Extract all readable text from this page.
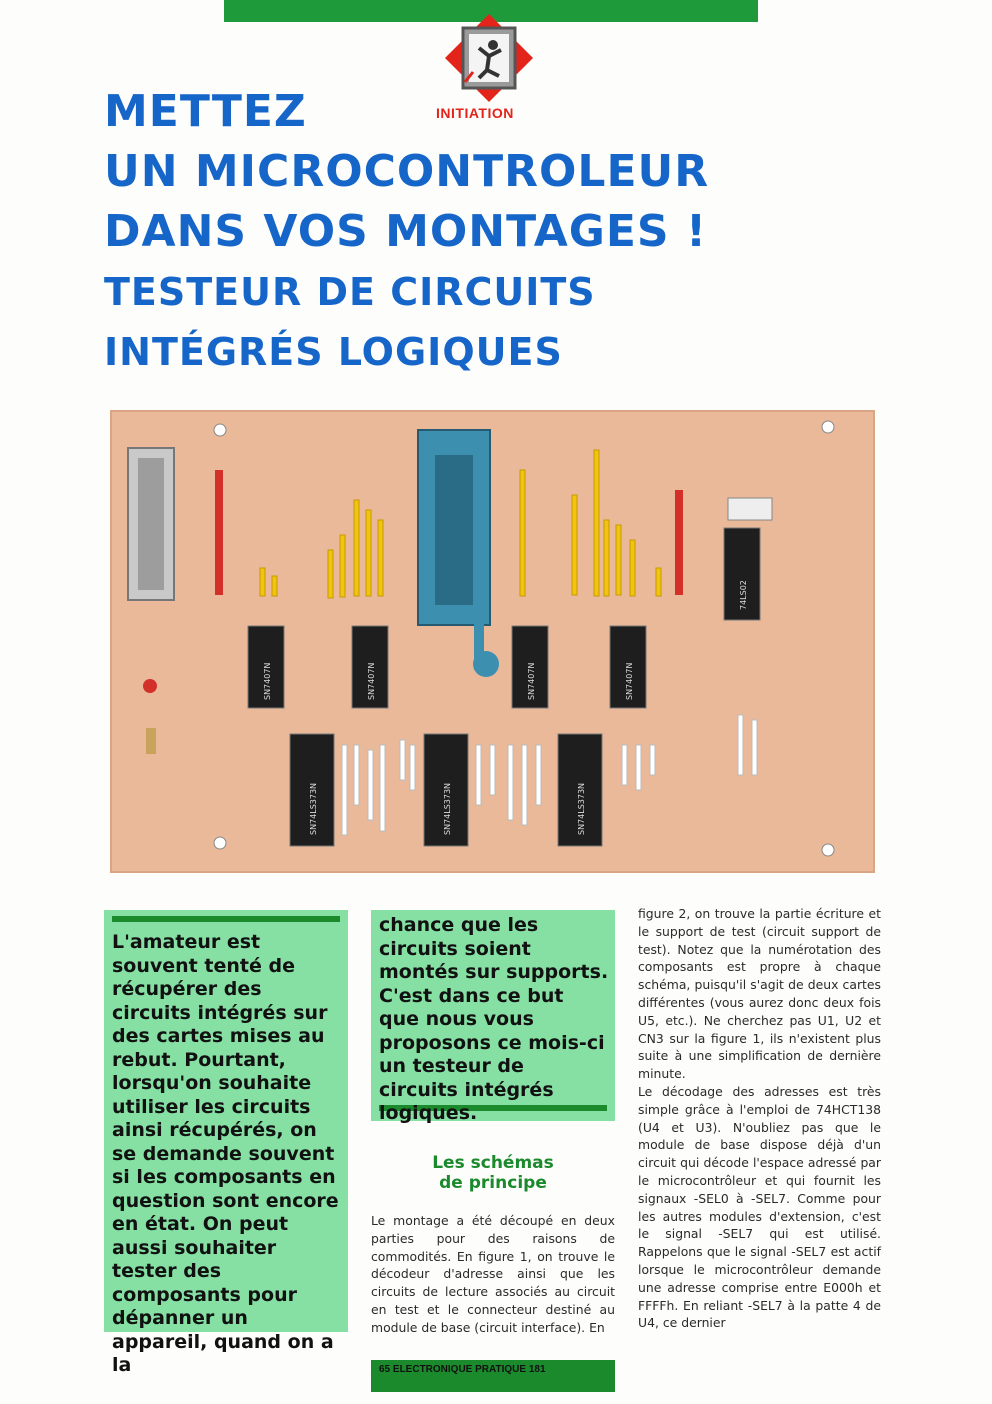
INITIATION
METTEZ
UN MICROCONTROLEUR
DANS VOS MONTAGES !
TESTEUR DE CIRCUITS
INTÉGRÉS LOGIQUES
SN7407N	SN7407N	SN7407N	SN7407N
SN74LS373N	SN74LS373N	SN74LS373N
74LS02
L'amateur est souvent tenté de récupérer des circuits intégrés sur des cartes mises au rebut. Pourtant, lorsqu'on souhaite utiliser les circuits ainsi récupérés, on se demande souvent si les composants en question sont encore en état. On peut aussi souhaiter tester des composants pour dépanner un appareil, quand on a la
chance que les circuits soient montés sur supports. C'est dans ce but que nous vous proposons ce mois-ci un testeur de circuits intégrés logiques.
Les schémas
de principe
Le montage a été découpé en deux parties pour des raisons de commodités. En figure 1, on trouve le décodeur d'adresse ainsi que les circuits de lecture associés au circuit en test et le connecteur destiné au module de base (circuit interface). En
figure 2, on trouve la partie écriture et le support de test (circuit support de test). Notez que la numérotation des composants est propre à chaque schéma, puisqu'il s'agit de deux cartes différentes (vous aurez donc deux fois U5, etc.). Ne cherchez pas U1, U2 et CN3 sur la figure 1, ils n'existent plus suite à une simplification de dernière minute.
Le décodage des adresses est très simple grâce à l'emploi de 74HCT138 (U4 et U3). N'oubliez pas que le module de base dispose déjà d'un circuit qui décode l'espace adressé par le microcontrôleur et qui fournit les signaux -SEL0 à -SEL7. Comme pour les autres modules d'extension, c'est le signal -SEL7 qui est utilisé. Rappelons que le signal -SEL7 est actif lorsque le microcontrôleur demande une adresse comprise entre E000h et FFFFh. En reliant -SEL7 à la patte 4 de U4, ce dernier
65 ELECTRONIQUE PRATIQUE 181
